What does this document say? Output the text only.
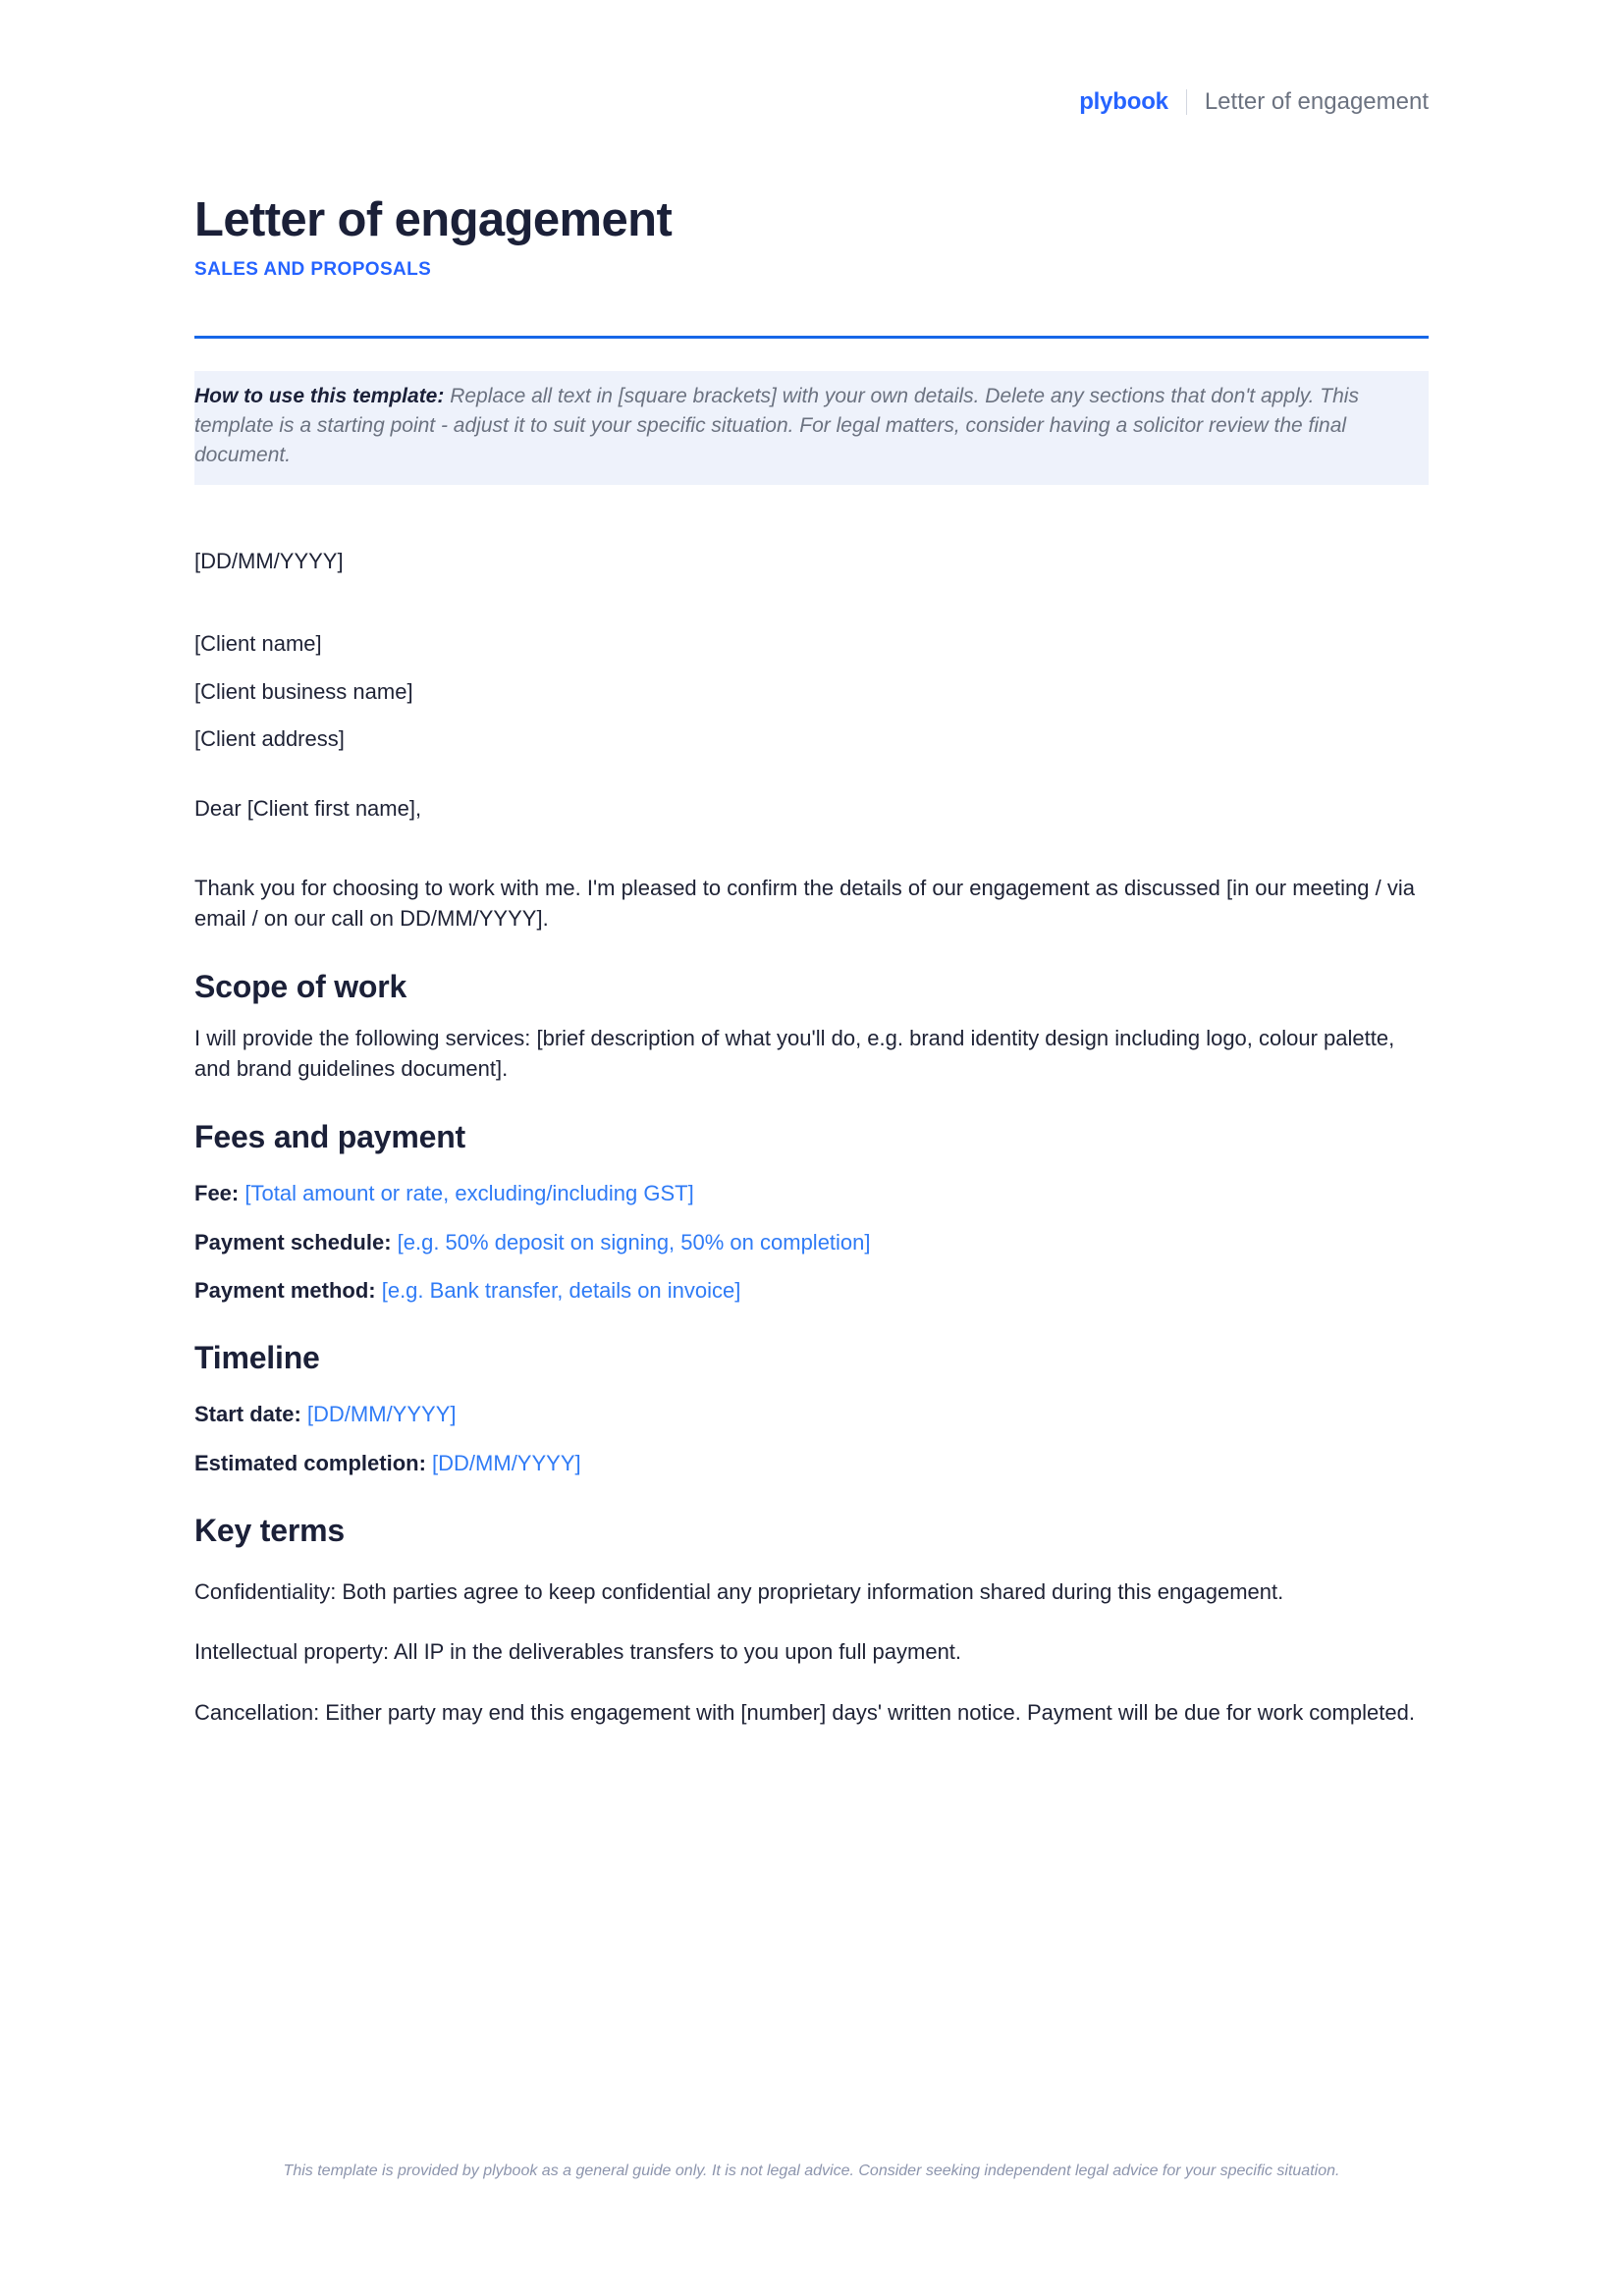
plybook Letter of engagement
Letter of engagement
SALES AND PROPOSALS

How to use this template: Replace all text in [square brackets] with your own details. Delete any sections that don't apply. This template is a starting point - adjust it to suit your specific situation. For legal matters, consider having a solicitor review the final document.

[DD/MM/YYYY]

[Client name]

[Client business name]

[Client address]

Dear [Client first name],

Thank you for choosing to work with me. I'm pleased to confirm the details of our engagement as discussed [in our meeting / via email / on our call on DD/MM/YYYY].

Scope of work

I will provide the following services: [brief description of what you'll do, e.g. brand identity design including logo, colour palette, and brand guidelines document].

Fees and payment

Fee: [Total amount or rate, excluding/including GST]

Payment schedule: [e.g. 50% deposit on signing, 50% on completion]

Payment method: [e.g. Bank transfer, details on invoice]

Timeline

Start date: [DD/MM/YYYY]

Estimated completion: [DD/MM/YYYY]

Key terms

Confidentiality: Both parties agree to keep confidential any proprietary information shared during this engagement.

Intellectual property: All IP in the deliverables transfers to you upon full payment.

Cancellation: Either party may end this engagement with [number] days' written notice. Payment will be due for work completed.

This template is provided by plybook as a general guide only. It is not legal advice. Consider seeking independent legal advice for your specific situation.
